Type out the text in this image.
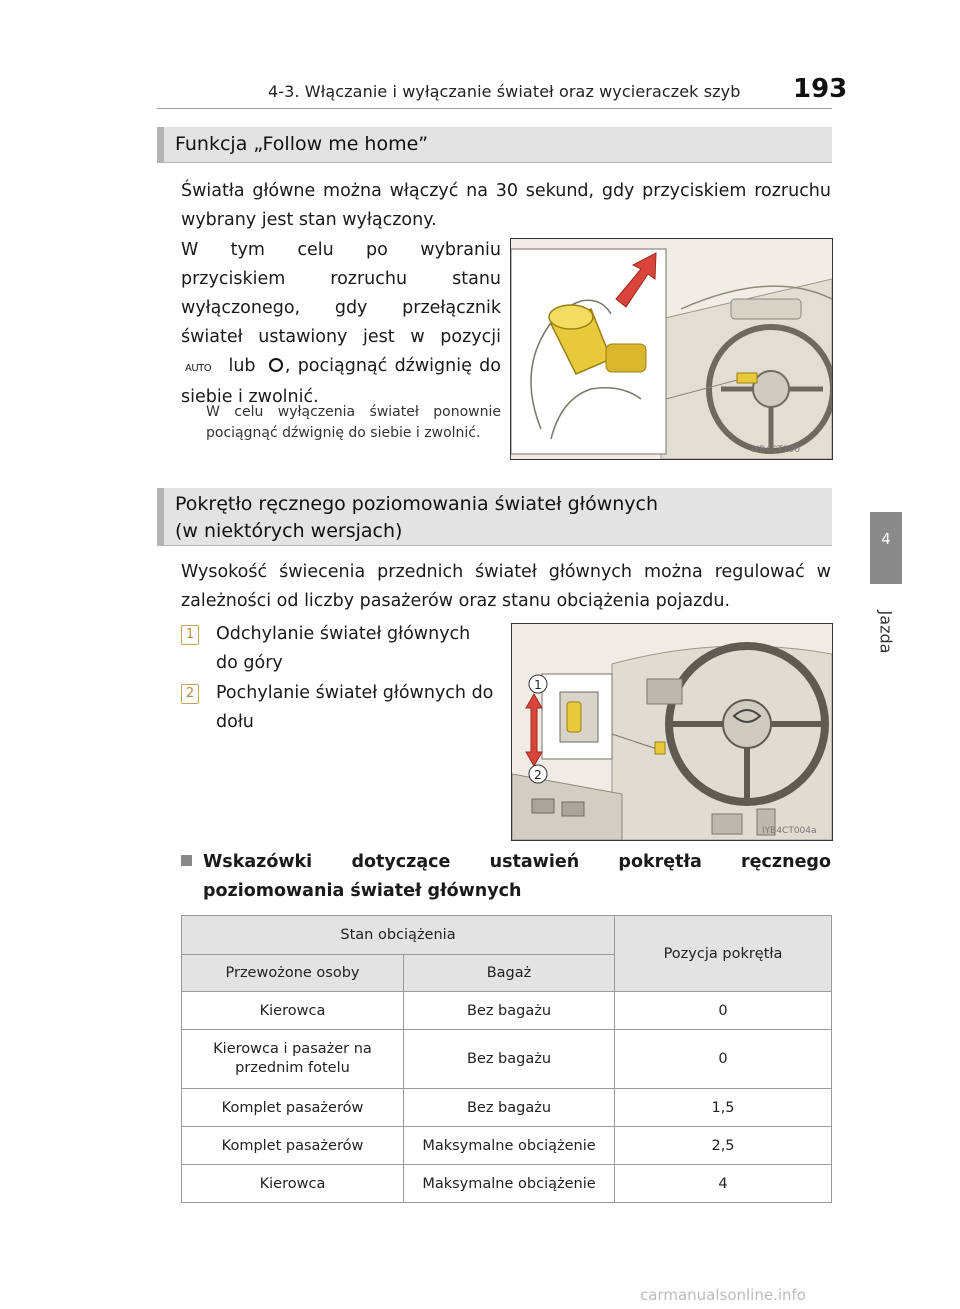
4-3. Włączanie i wyłączanie świateł oraz wycieraczek szyb 193
4
Jazda
Funkcja „Follow me home”
Światła główne można włączyć na 30 sekund, gdy przyciskiem rozruchu wybrany jest stan wyłączony.
W tym celu po wybraniu przyciskiem rozruchu stanu wyłączonego, gdy przełącznik świateł ustawiony jest w pozycji AUTO lub , pociągnąć dźwignię do siebie i zwolnić.
W celu wyłączenia świateł ponownie pociągnąć dźwignię do siebie i zwolnić.
IYB4CT100
Pokrętło ręcznego poziomowania świateł głównych
(w niektórych wersjach)
Wysokość świecenia przednich świateł głównych można regulować w zależności od liczby pasażerów oraz stanu obciążenia pojazdu.
1 Odchylanie świateł głównych do góry
2 Pochylanie świateł głównych do dołu
1
2
IYB4CT004a
Wskazówki dotyczące ustawień pokrętła ręcznego poziomowania świateł głównych
Stan obciążenia		Pozycja pokrętła
Przewożone osoby	Bagaż	
Kierowca	Bez bagażu	0
Kierowca i pasażer na przednim fotelu	Bez bagażu	0
Komplet pasażerów	Bez bagażu	1,5
Komplet pasażerów	Maksymalne obciążenie	2,5
Kierowca	Maksymalne obciążenie	4
carmanualsonline.info
